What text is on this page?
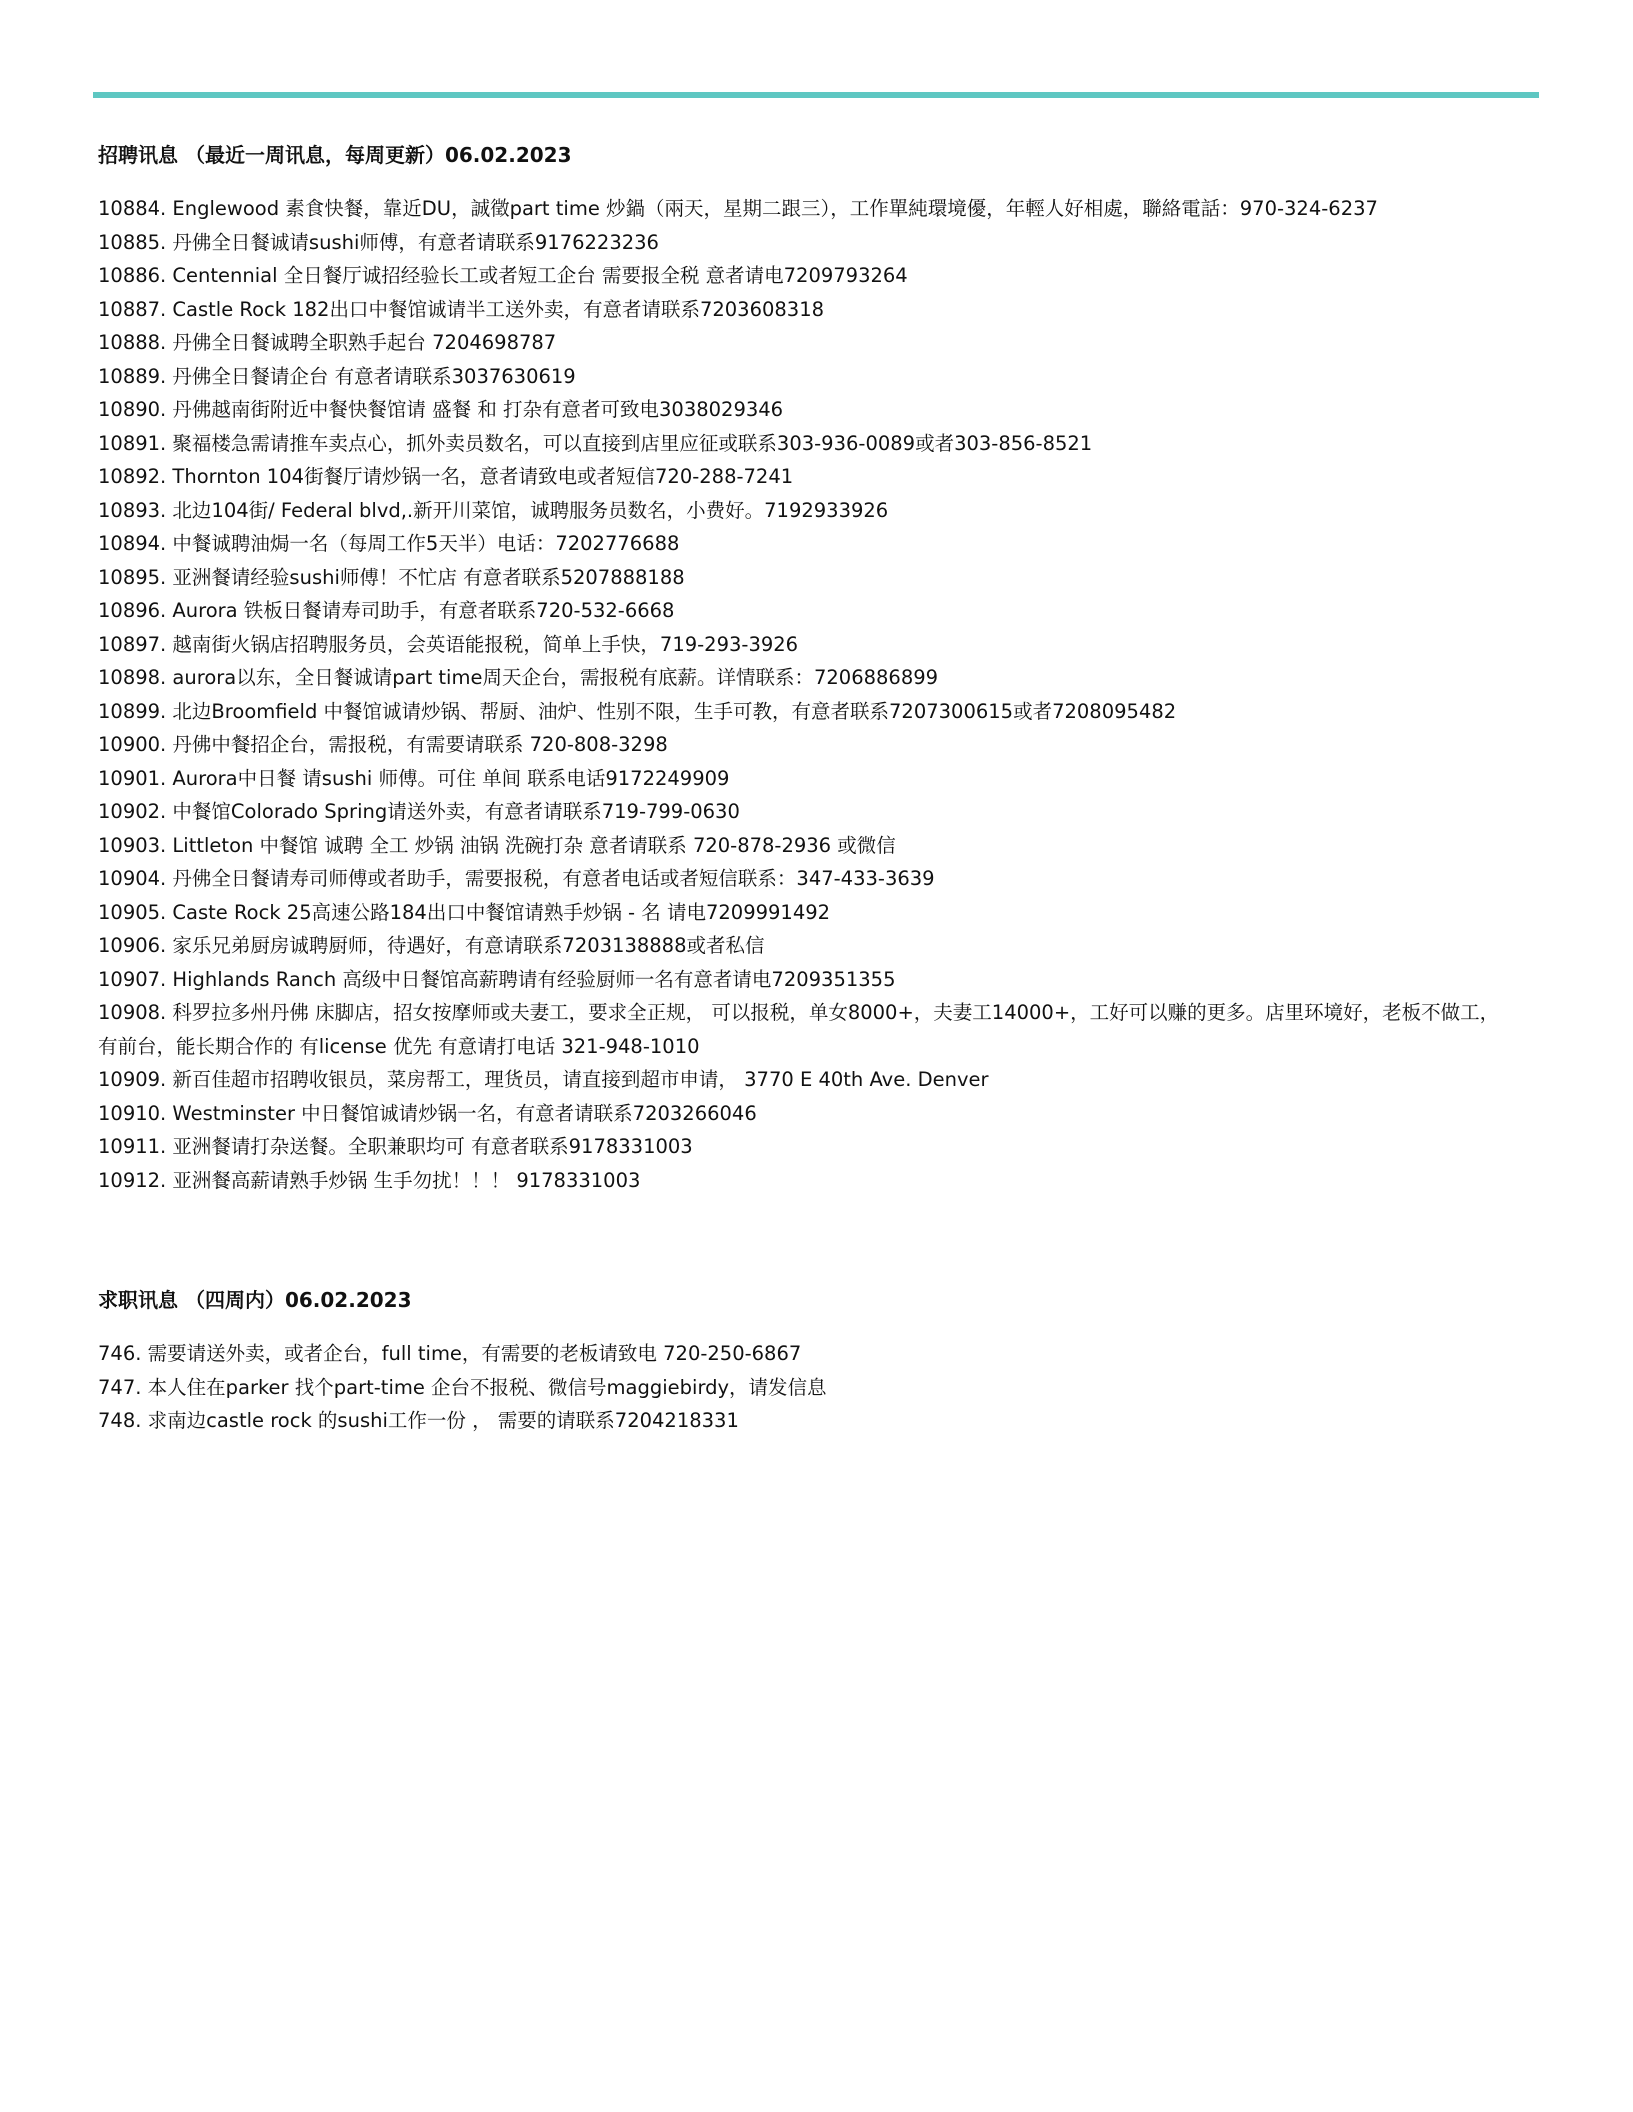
招聘讯息 （最近一周讯息，每周更新）06.02.2023
10884. Englewood 素食快餐，靠近DU，誠徵part time 炒鍋（兩天，星期二跟三），工作單純環境優，年輕人好相處，聯絡電話：970-324-6237
10885. 丹佛全日餐诚请sushi师傅，有意者请联系9176223236
10886. Centennial 全日餐厅诚招经验长工或者短工企台 需要报全税 意者请电7209793264
10887. Castle Rock 182出口中餐馆诚请半工送外卖，有意者请联系7203608318
10888. 丹佛全日餐诚聘全职熟手起台 7204698787
10889. 丹佛全日餐请企台 有意者请联系3037630619
10890. 丹佛越南街附近中餐快餐馆请 盛餐 和 打杂有意者可致电3038029346
10891. 聚福楼急需请推车卖点心，抓外卖员数名，可以直接到店里应征或联系303-936-0089或者303-856-8521
10892. Thornton 104街餐厅请炒锅一名，意者请致电或者短信720-288-7241
10893. 北边104街/ Federal blvd,.新开川菜馆，诚聘服务员数名，小费好。7192933926
10894. 中餐诚聘油焗一名（每周工作5天半）电话：7202776688
10895. 亚洲餐请经验sushi师傅！不忙店 有意者联系5207888188
10896. Aurora 铁板日餐请寿司助手，有意者联系720-532-6668
10897. 越南街火锅店招聘服务员，会英语能报税，简单上手快，719-293-3926
10898. aurora以东，全日餐诚请part time周天企台，需报税有底薪。详情联系：7206886899
10899. 北边Broomfield 中餐馆诚请炒锅、帮厨、油炉、性别不限，生手可教，有意者联系7207300615或者7208095482
10900. 丹佛中餐招企台，需报税，有需要请联系 720-808-3298
10901. Aurora中日餐 请sushi 师傅。可住 单间 联系电话9172249909
10902. 中餐馆Colorado Spring请送外卖，有意者请联系719-799-0630
10903. Littleton 中餐馆 诚聘 全工 炒锅 油锅 洗碗打杂 意者请联系 720-878-2936 或微信
10904. 丹佛全日餐请寿司师傅或者助手，需要报税，有意者电话或者短信联系：347-433-3639
10905. Caste Rock 25高速公路184出口中餐馆请熟手炒锅 - 名 请电7209991492
10906. 家乐兄弟厨房诚聘厨师，待遇好，有意请联系7203138888或者私信
10907. Highlands Ranch 高级中日餐馆高薪聘请有经验厨师一名有意者请电7209351355
10908. 科罗拉多州丹佛 床脚店，招女按摩师或夫妻工，要求全正规， 可以报税，单女8000+，夫妻工14000+，工好可以赚的更多。店里环境好，老板不做工，有前台，能长期合作的 有license 优先 有意请打电话 321-948-1010
10909. 新百佳超市招聘收银员，菜房帮工，理货员，请直接到超市申请， 3770 E 40th Ave. Denver
10910. Westminster 中日餐馆诚请炒锅一名，有意者请联系7203266046
10911. 亚洲餐请打杂送餐。全职兼职均可 有意者联系9178331003
10912. 亚洲餐高薪请熟手炒锅 生手勿扰！！！ 9178331003
求职讯息 （四周内）06.02.2023
746. 需要请送外卖，或者企台，full time，有需要的老板请致电 720-250-6867
747. 本人住在parker 找个part-time 企台不报税、微信号maggiebirdy，请发信息
748. 求南边castle rock 的sushi工作一份 ， 需要的请联系7204218331
